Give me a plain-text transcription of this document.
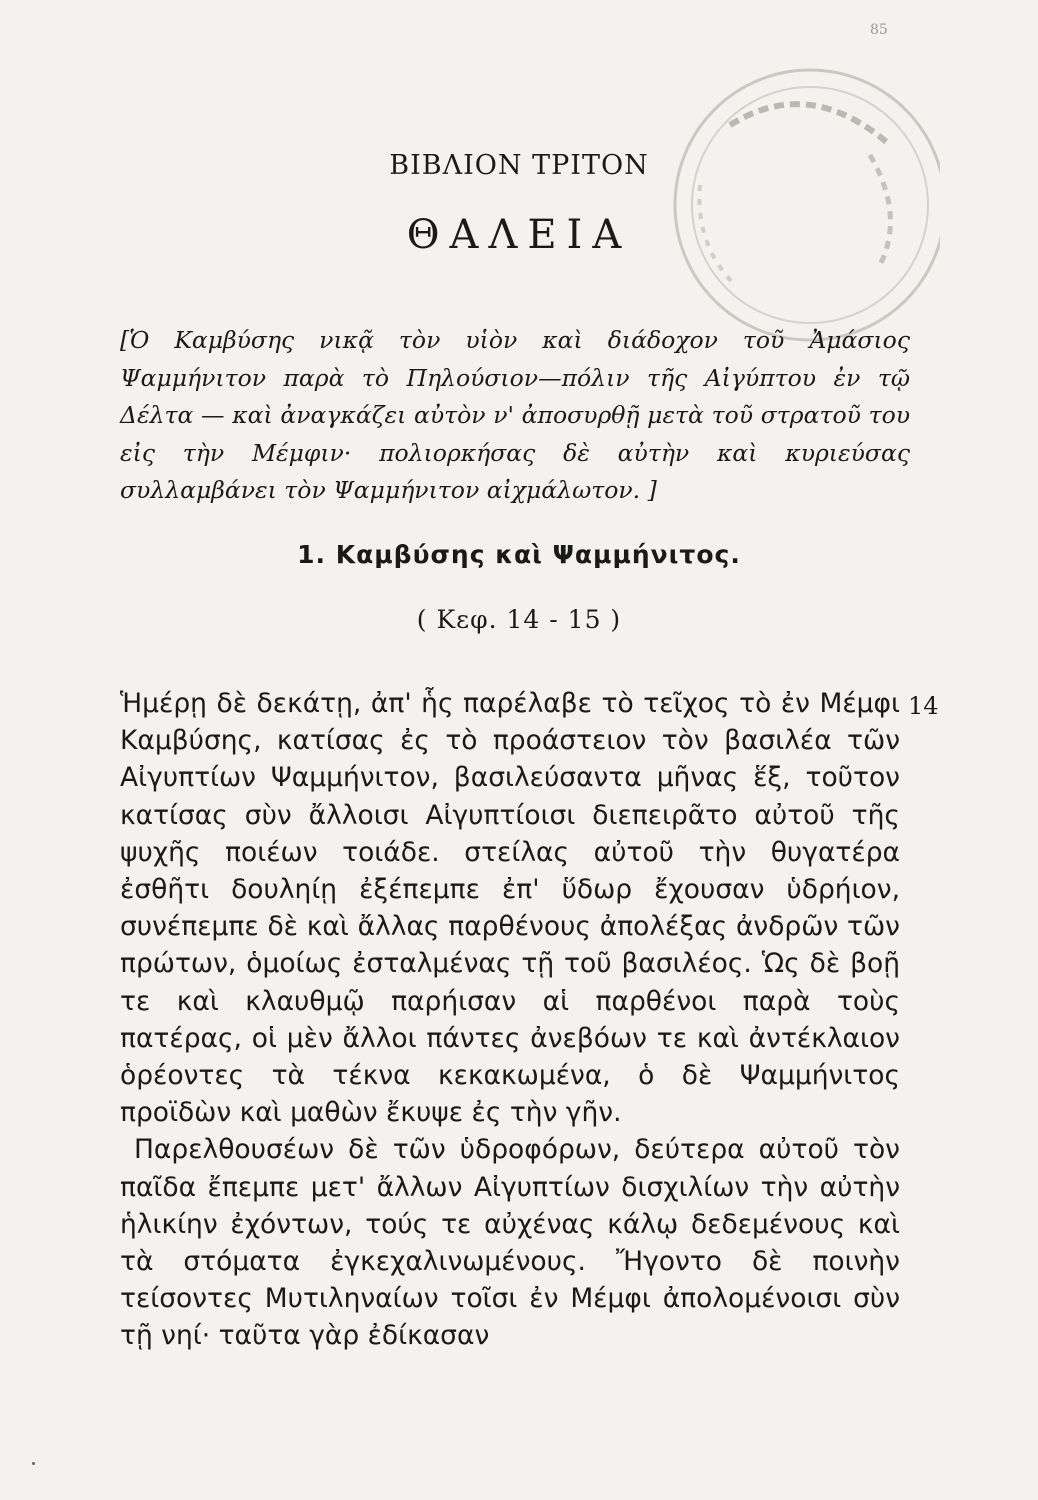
85
ΒΙΒΛΙΟΝ ΤΡΙΤΟΝ
ΘΑΛΕΙΑ

[Ὁ Καμβύσης νικᾷ τὸν υἱὸν καὶ διάδοχον τοῦ Ἀμάσιος Ψαμμήνιτον παρὰ τὸ Πηλούσιον—πόλιν τῆς Αἰγύπτου ἐν τῷ Δέλτα — καὶ ἀναγκάζει αὐτὸν ν' ἀποσυρθῇ μετὰ τοῦ στρατοῦ του εἰς τὴν Μέμφιν· πολιορκήσας δὲ αὐτὴν καὶ κυριεύσας συλλαμβάνει τὸν Ψαμμήνιτον αἰχμάλωτον. ]

1. Καμβύσης καὶ Ψαμμήνιτος.
( Κεφ. 14 - 15 )
14

Ἡμέρῃ δὲ δεκάτῃ, ἀπ' ἧς παρέλαβε τὸ τεῖχος τὸ ἐν Μέμφι Καμβύσης, κατίσας ἐς τὸ προάστειον τὸν βασιλέα τῶν Αἰγυπτίων Ψαμμήνιτον, βασιλεύσαντα μῆνας ἕξ, τοῦτον κατίσας σὺν ἄλλοισι Αἰγυπτίοισι διεπειρᾶτο αὐτοῦ τῆς ψυχῆς ποιέων τοιάδε. στείλας αὐτοῦ τὴν θυγατέρα ἐσθῆτι δουληίῃ ἐξέπεμπε ἐπ' ὕδωρ ἔχουσαν ὑδρήιον, συνέπεμπε δὲ καὶ ἄλλας παρθένους ἀπολέξας ἀνδρῶν τῶν πρώτων, ὁμοίως ἐσταλμένας τῇ τοῦ βασιλέος. Ὡς δὲ βοῇ τε καὶ κλαυθμῷ παρήισαν αἱ παρθένοι παρὰ τοὺς πατέρας, οἱ μὲν ἄλλοι πάντες ἀνεβόων τε καὶ ἀντέκλαιον ὁρέοντες τὰ τέκνα κεκακωμένα, ὁ δὲ Ψαμμήνιτος προϊδὼν καὶ μαθὼν ἔκυψε ἐς τὴν γῆν.

Παρελθουσέων δὲ τῶν ὑδροφόρων, δεύτερα αὐτοῦ τὸν παῖδα ἔπεμπε μετ' ἄλλων Αἰγυπτίων δισχιλίων τὴν αὐτὴν ἡλικίην ἐχόντων, τούς τε αὐχένας κάλῳ δεδεμένους καὶ τὰ στόματα ἐγκεχαλινωμένους. Ἤγοντο δὲ ποινὴν τείσοντες Μυτιληναίων τοῖσι ἐν Μέμφι ἀπολομένοισι σὺν τῇ νηί· ταῦτα γὰρ ἐδίκασαν
